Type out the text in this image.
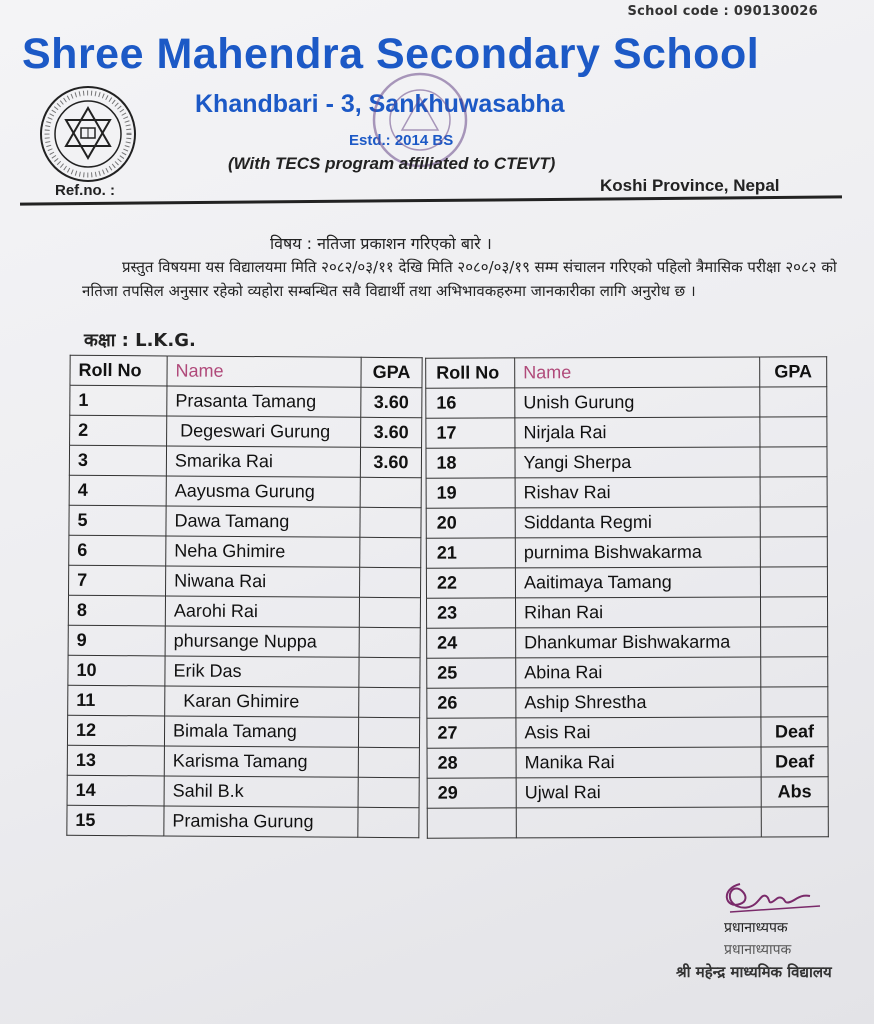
School code : 090130026
Shree Mahendra Secondary School
Khandbari - 3, Sankhuwasabha
Estd.: 2014 BS
(With TECS program affiliated to CTEVT)
Ref.no. :	Koshi Province, Nepal
विषय : नतिजा प्रकाशन गरिएको बारे ।
प्रस्तुत विषयमा यस विद्यालयमा मिति २०८२/०३/११ देखि मिति २०८०/०३/१९ सम्म संचालन गरिएको पहिलो त्रैमासिक परीक्षा २०८२ को नतिजा तपसिल अनुसार रहेको व्यहोरा सम्बन्धित सवै विद्यार्थी तथा अभिभावकहरुमा जानकारीका लागि अनुरोध छ ।
कक्षा : L.K.G.
Roll No	Name	GPA
1	Prasanta Tamang	3.60
2	Degeswari Gurung	3.60
3	Smarika Rai	3.60
4	Aayusma Gurung	
5	Dawa Tamang	
6	Neha Ghimire	
7	Niwana Rai	
8	Aarohi Rai	
9	phursange Nuppa	
10	Erik Das	
11	Karan Ghimire	
12	Bimala Tamang	
13	Karisma Tamang	
14	Sahil B.k	
15	Pramisha Gurung	
Roll No	Name	GPA
16	Unish Gurung	
17	Nirjala Rai	
18	Yangi Sherpa	
19	Rishav Rai	
20	Siddanta Regmi	
21	purnima Bishwakarma	
22	Aaitimaya Tamang	
23	Rihan Rai	
24	Dhankumar Bishwakarma	
25	Abina Rai	
26	Aship Shrestha	
27	Asis Rai	Deaf
28	Manika Rai	Deaf
29	Ujwal Rai	Abs

प्रधानाध्यपक
प्रधानाध्यापक
श्री महेन्द्र माध्यमिक विद्यालय
